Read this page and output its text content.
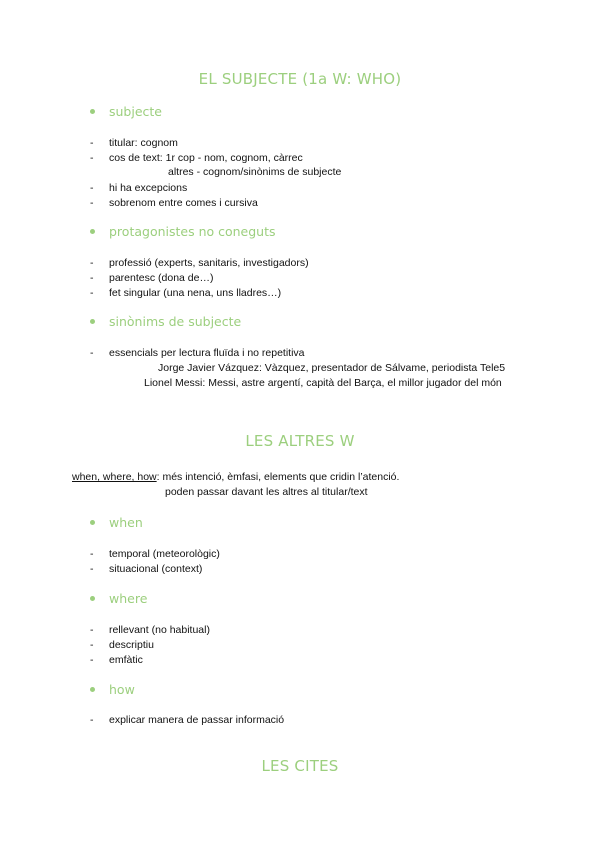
EL SUBJECTE (1a W: WHO)
subjecte
- titular: cognom
- cos de text: 1r cop - nom, cognom, càrrec
altres - cognom/sinònims de subjecte
- hi ha excepcions
- sobrenom entre comes i cursiva
protagonistes no coneguts
- professió (experts, sanitaris, investigadors)
- parentesc (dona de…)
- fet singular (una nena, uns lladres…)
sinònims de subjecte
- essencials per lectura fluïda i no repetitiva
Jorge Javier Vázquez: Vàzquez, presentador de Sálvame, periodista Tele5
Lionel Messi: Messi, astre argentí, capità del Barça, el millor jugador del món
LES ALTRES W
when, where, how: més intenció, èmfasi, elements que cridin l’atenció.
poden passar davant les altres al titular/text
when
- temporal (meteorològic)
- situacional (context)
where
- rellevant (no habitual)
- descriptiu
- emfàtic
how
- explicar manera de passar informació
LES CITES
